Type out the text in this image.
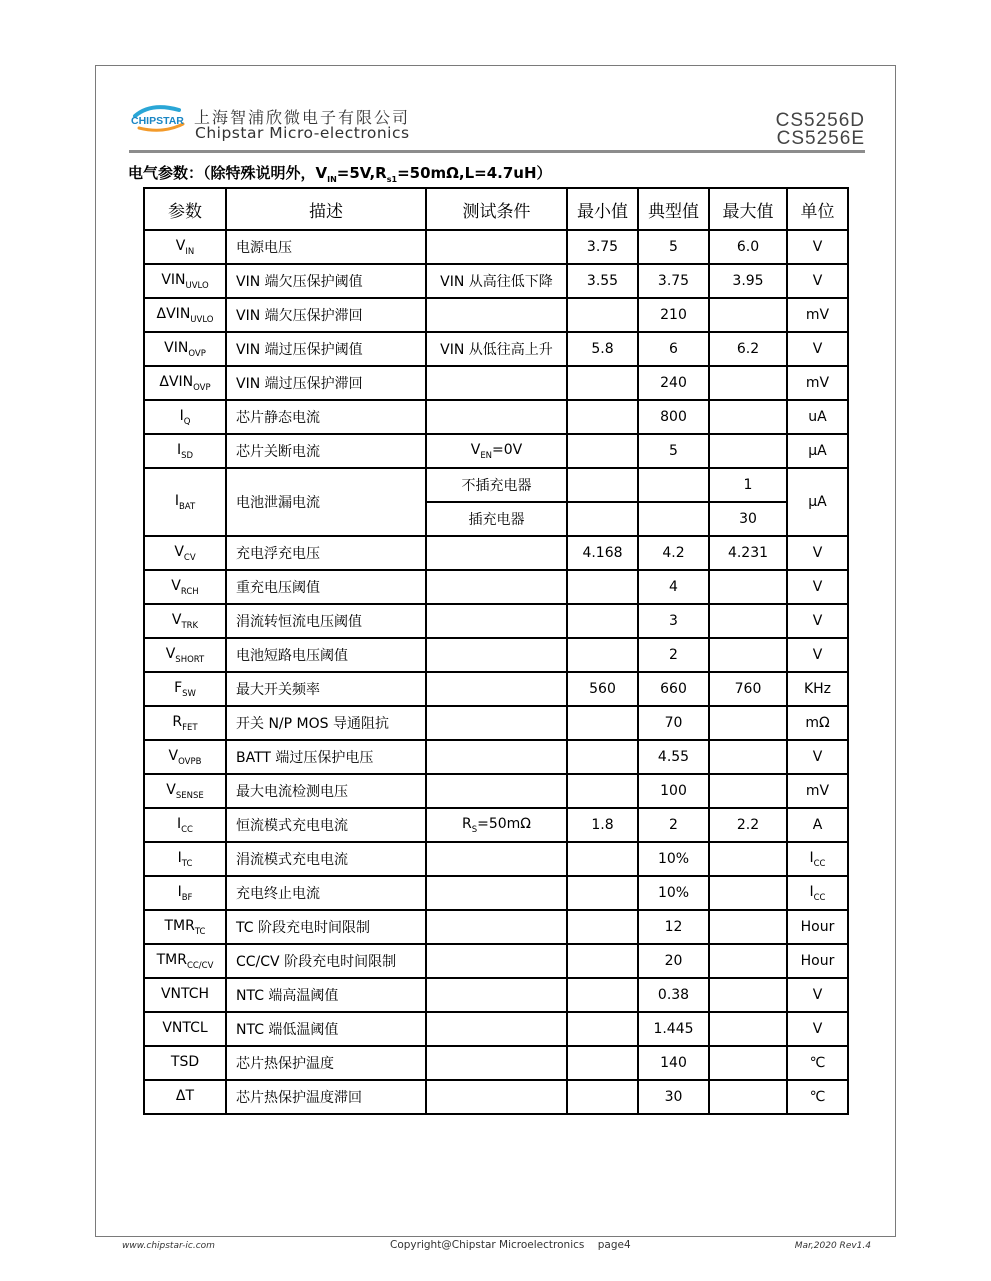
CHIPSTAR 上海智浦欣微电子有限公司
Chipstar Micro-electronics
CS5256D
CS5256E
电气参数：（除特殊说明外，$V_{IN}=5V,R_{s1}=50m\Omega,L=4.7uH$）
参数	描述	测试条件	最小值	典型值	最大值	单位
$V_{IN}$	电源电压		3.75	5	6.0	V
$VIN_{UVLO}$	VIN 端欠压保护阈值	VIN 从高往低下降	3.55	3.75	3.95	V
$\Delta VIN_{UVLO}$	VIN 端欠压保护滞回			210		mV
$VIN_{OVP}$	VIN 端过压保护阈值	VIN 从低往高上升	5.8	6	6.2	V
$\Delta VIN_{OVP}$	VIN 端过压保护滞回			240		mV
$I_Q$	芯片静态电流			800		uA
$I_{SD}$	芯片关断电流	$V_{EN}=0V$		5		μA
$I_{BAT}$	电池泄漏电流	不插充电器			1	μA
		插充电器			30	
$V_{CV}$	充电浮充电压		4.168	4.2	4.231	V
$V_{RCH}$	重充电压阈值			4		V
$V_{TRK}$	涓流转恒流电压阈值			3		V
$V_{SHORT}$	电池短路电压阈值			2		V
$F_{SW}$	最大开关频率		560	660	760	KHz
$R_{FET}$	开关 N/P MOS 导通阻抗			70		mΩ
$V_{OVPB}$	BATT 端过压保护电压			4.55		V
$V_{SENSE}$	最大电流检测电压			100		mV
$I_{CC}$	恒流模式充电电流	$R_S=50m\Omega$	1.8	2	2.2	A
$I_{TC}$	涓流模式充电电流			10%		$I_{CC}$
$I_{BF}$	充电终止电流			10%		$I_{CC}$
$TMR_{TC}$	TC 阶段充电时间限制			12		Hour
$TMR_{CC/CV}$	CC/CV 阶段充电时间限制			20		Hour
VNTCH	NTC 端高温阈值			0.38		V
VNTCL	NTC 端低温阈值			1.445		V
TSD	芯片热保护温度			140		℃
ΔT	芯片热保护温度滞回			30		℃
www.chipstar-ic.com	Copyright@Chipstar Microelectronics    page4	Mar,2020 Rev1.4
